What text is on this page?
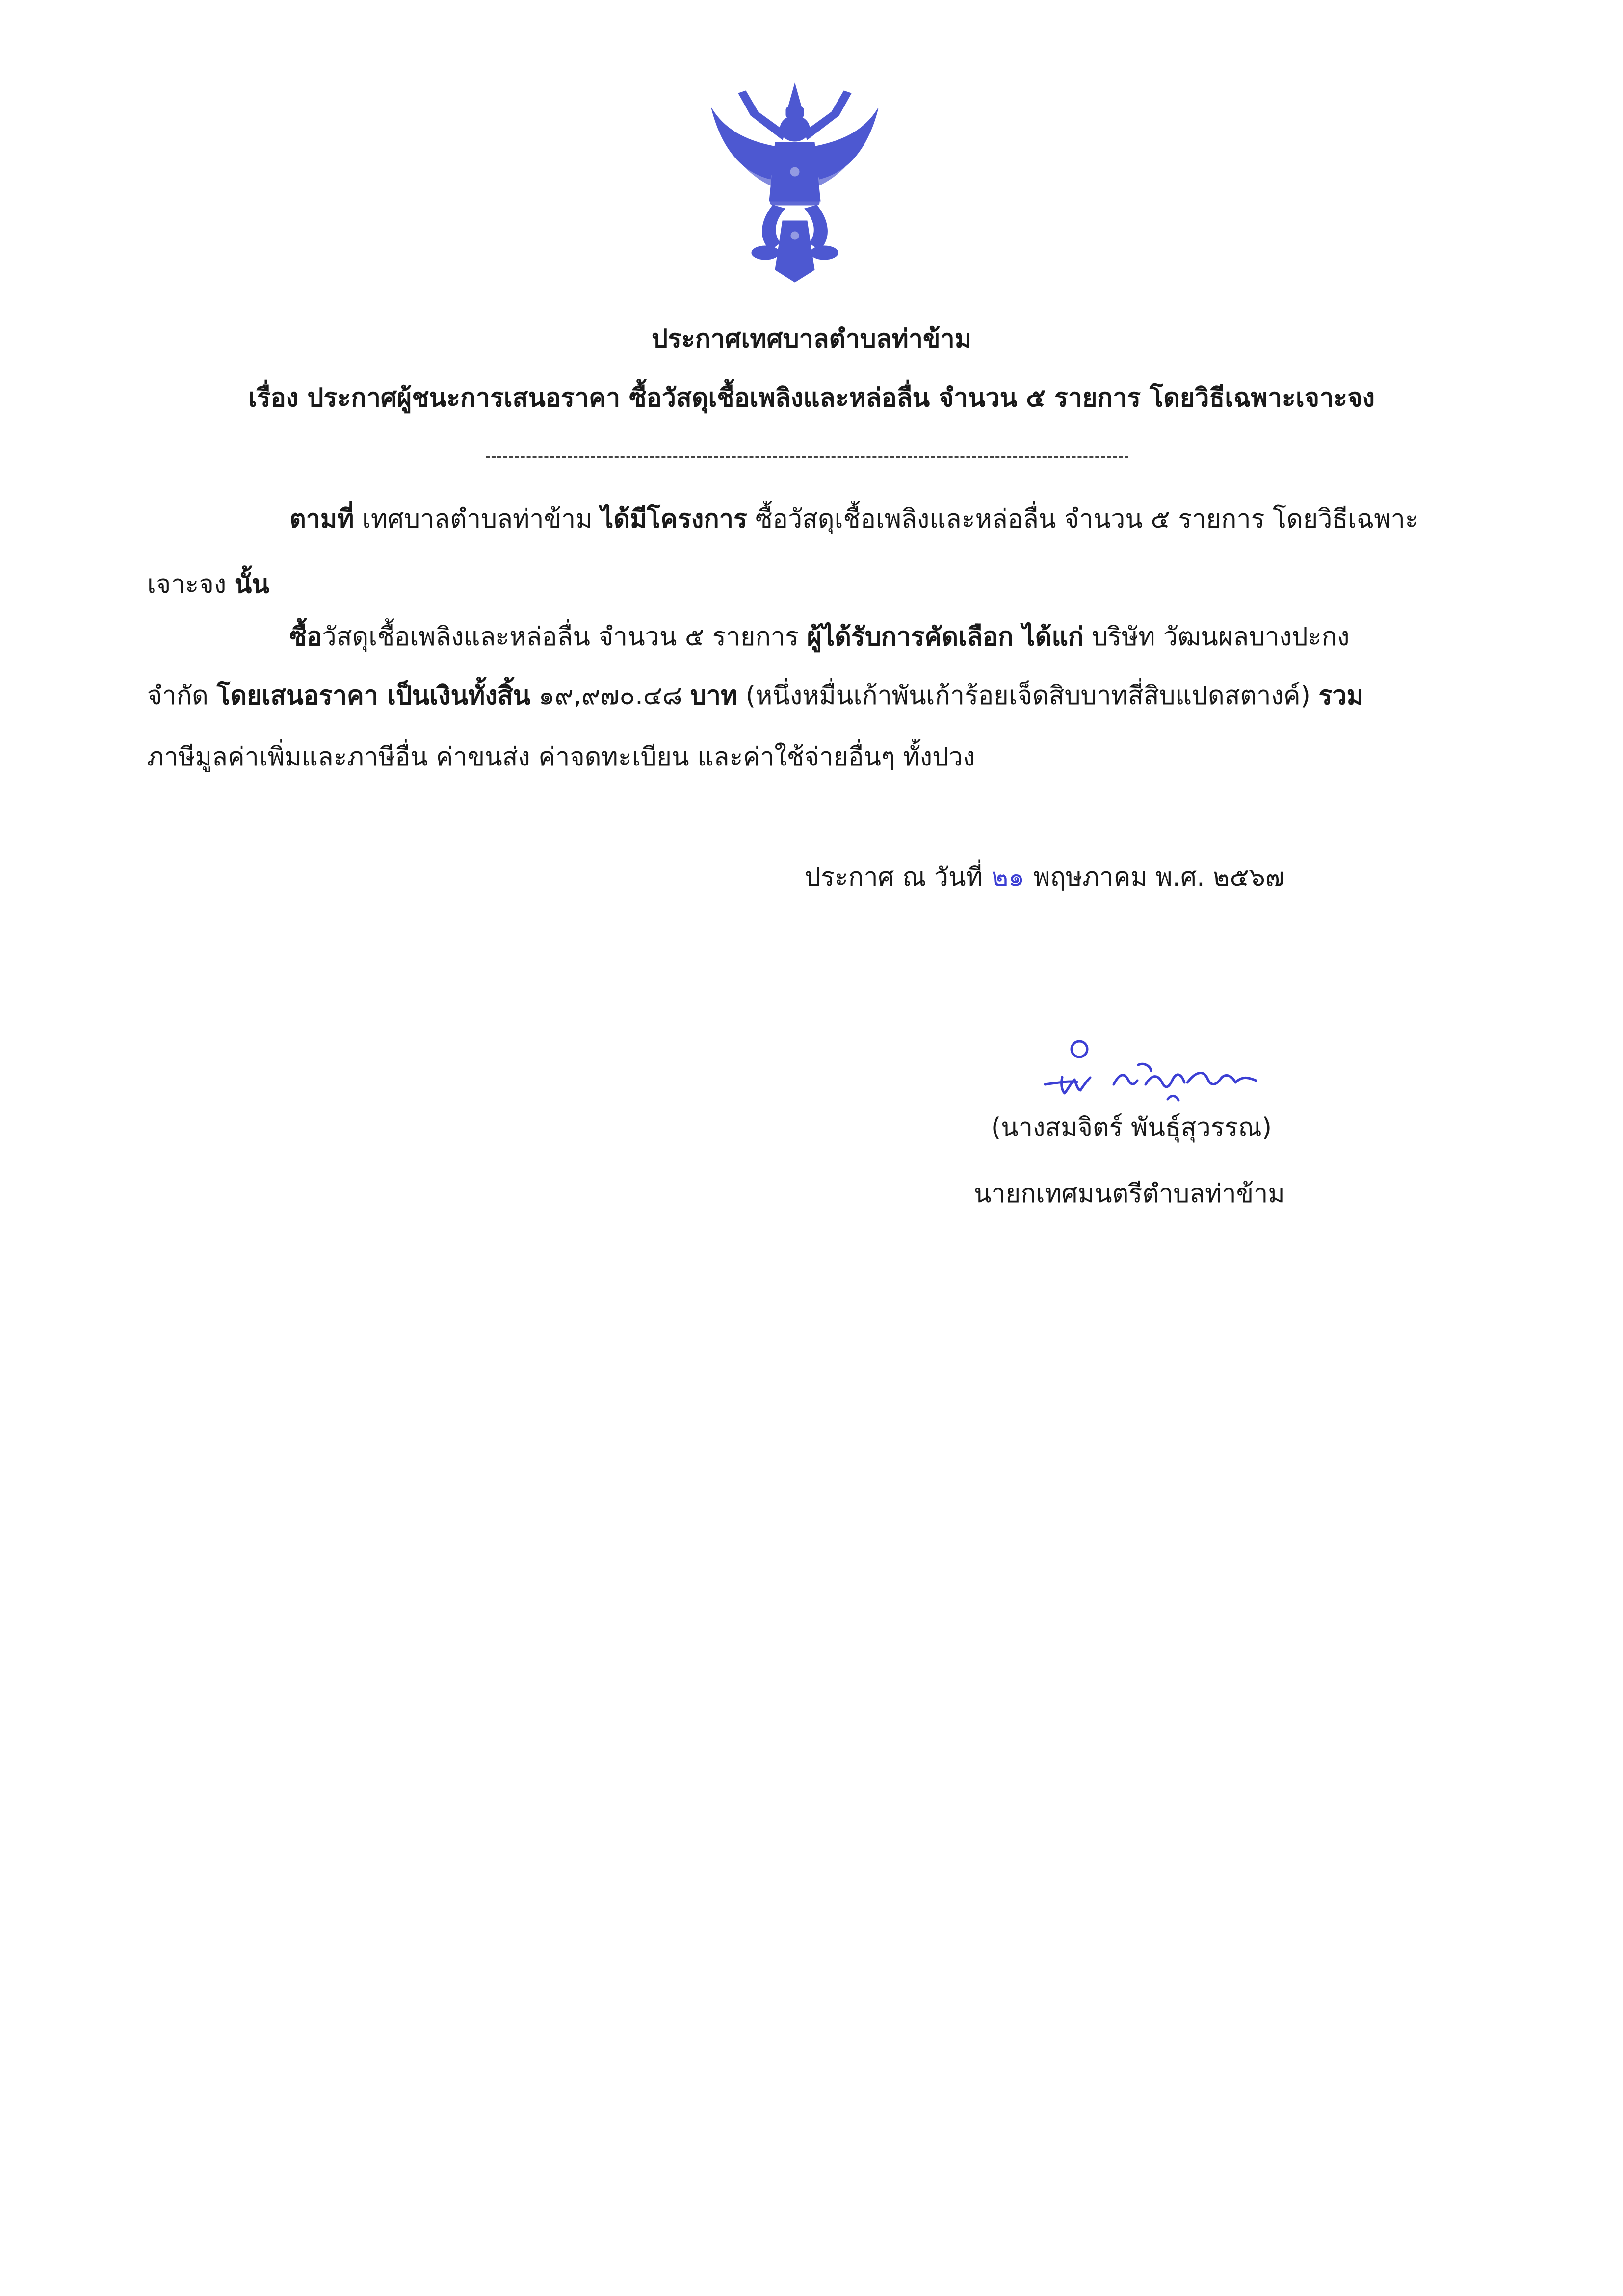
ประกาศเทศบาลตำบลท่าข้าม
เรื่อง ประกาศผู้ชนะการเสนอราคา ซื้อวัสดุเชื้อเพลิงและหล่อลื่น จำนวน ๕ รายการ โดยวิธีเฉพาะเจาะจง
ตามที่ เทศบาลตำบลท่าข้าม ได้มีโครงการ ซื้อวัสดุเชื้อเพลิงและหล่อลื่น จำนวน ๕ รายการ โดยวิธีเฉพาะ
เจาะจง นั้น
ซื้อวัสดุเชื้อเพลิงและหล่อลื่น จำนวน ๕ รายการ ผู้ได้รับการคัดเลือก ได้แก่ บริษัท วัฒนผลบางปะกง
จำกัด โดยเสนอราคา เป็นเงินทั้งสิ้น ๑๙,๙๗๐.๔๘ บาท (หนึ่งหมื่นเก้าพันเก้าร้อยเจ็ดสิบบาทสี่สิบแปดสตางค์) รวม
ภาษีมูลค่าเพิ่มและภาษีอื่น ค่าขนส่ง ค่าจดทะเบียน และค่าใช้จ่ายอื่นๆ ทั้งปวง
ประกาศ ณ วันที่ ๒๑ พฤษภาคม พ.ศ. ๒๕๖๗
(นางสมจิตร์ พันธุ์สุวรรณ)
นายกเทศมนตรีตำบลท่าข้าม
